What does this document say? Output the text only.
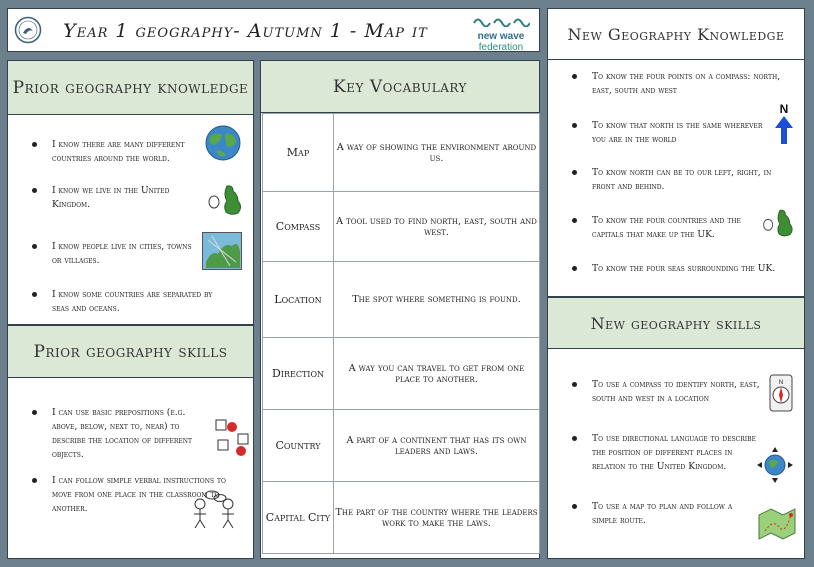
Year 1 geography- Autumn 1 - Map it	new wave
federation
Prior geography knowledge
I know there are many different countries around the world.
I know we live in the United Kingdom.
I know people live in cities, towns or villages.
I know some countries are separated by seas and oceans.
Prior geography skills
I can use basic prepositions (e.g. above, below, next to, near) to describe the location of different objects.
I can follow simple verbal instructions to move from one place in the classroom to another.
Key Vocabulary
Map	A way of showing the environment around us.
Compass	A tool used to find north, east, south and west.
Location	The spot where something is found.
Direction	A way you can travel to get from one place to another.
Country	A part of a continent that has its own leaders and laws.
Capital City	The part of the country where the leaders work to make the laws.
New Geography Knowledge
To know the four points on a compass: north, east, south and west
To know that north is the same wherever you are in the world
To know north can be to our left, right, in front and behind.
To know the four countries and the capitals that make up the UK.
To know the four seas surrounding the UK.
N
New geography skills
To use a compass to identify north, east, south and west in a location
To use directional language to describe the position of different places in relation to the United Kingdom.
To use a map to plan and follow a simple route.
N
